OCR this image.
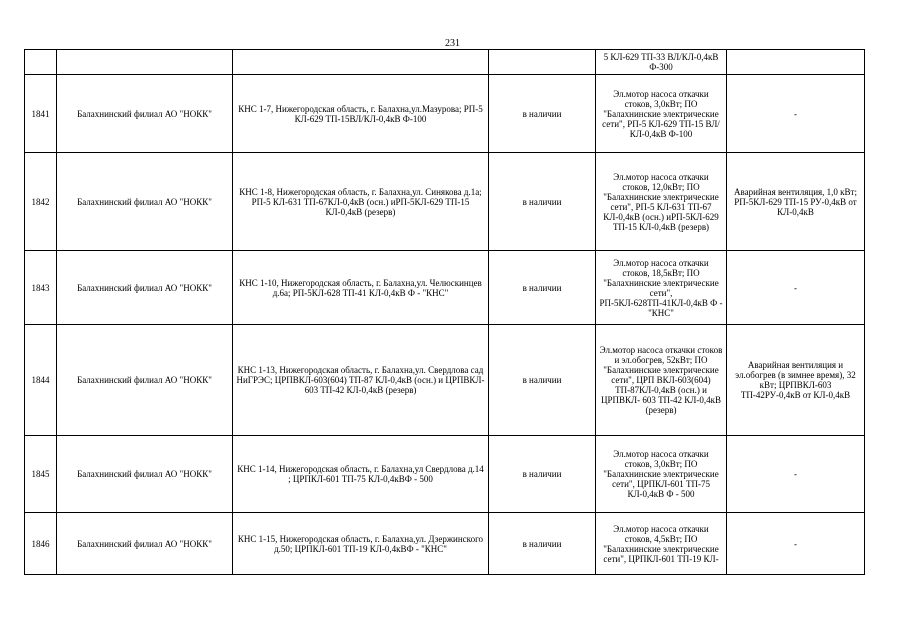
231
				5 КЛ-629 ТП-33 ВЛ/КЛ-0,4кВ Ф-300	
1841	Балахнинский филиал АО "НОКК"	КНС 1-7, Нижегородская область, г. Балахна,ул.Мазурова; РП-5 КЛ-629 ТП-15ВЛ/КЛ-0,4кВ Ф-100	в наличии	Эл.мотор насоса откачки стоков, 3,0кВт; ПО "Балахнинские электрические сети", РП-5 КЛ-629 ТП-15 ВЛ/КЛ-0,4кВ Ф-100	-
1842	Балахнинский филиал АО "НОКК"	КНС 1-8, Нижегородская область, г. Балахна,ул. Синякова д.1а; РП-5 КЛ-631 ТП-67КЛ-0,4кВ (осн.) иРП-5КЛ-629 ТП-15 КЛ-0,4кВ (резерв)	в наличии	Эл.мотор насоса откачки стоков, 12,0кВт; ПО "Балахнинские электрические сети", РП-5 КЛ-631 ТП-67 КЛ-0,4кВ (осн.) иРП-5КЛ-629 ТП-15 КЛ-0,4кВ (резерв)	Аварийная вентиляция, 1,0 кВт; РП-5КЛ-629 ТП-15 РУ-0,4кВ от КЛ-0,4кВ
1843	Балахнинский филиал АО "НОКК"	КНС 1-10, Нижегородская область, г. Балахна,ул. Челюскинцев д.6а; РП-5КЛ-628 ТП-41 КЛ-0,4кВ Ф - "КНС"	в наличии	Эл.мотор насоса откачки стоков, 18,5кВт; ПО "Балахнинские электрические сети", РП-5КЛ-628ТП-41КЛ-0,4кВ Ф -"КНС"	-
1844	Балахнинский филиал АО "НОКК"	КНС 1-13, Нижегородская область, г. Балахна,ул. Свердлова сад НиГРЭС; ЦРПВКЛ-603(604) ТП-87 КЛ-0,4кВ (осн.) и ЦРПВКЛ- 603 ТП-42 КЛ-0,4кВ (резерв)	в наличии	Эл.мотор насоса откачки стоков и эл.обогрев, 52кВт; ПО "Балахнинские электрические сети", ЦРП ВКЛ-603(604) ТП-87КЛ-0,4кВ (осн.) и ЦРПВКЛ- 603 ТП-42 КЛ-0,4кВ (резерв)	Аварийная вентиляция и эл.обогрев (в зимнее время), 32 кВт; ЦРПВКЛ-603 ТП-42РУ-0,4кВ от КЛ-0,4кВ
1845	Балахнинский филиал АО "НОКК"	КНС 1-14, Нижегородская область, г. Балахна,ул Свердлова д.14 ; ЦРПКЛ-601 ТП-75 КЛ-0,4кВФ - 500	в наличии	Эл.мотор насоса откачки стоков, 3,0кВт; ПО "Балахнинские электрические сети", ЦРПКЛ-601 ТП-75 КЛ-0,4кВ Ф - 500	-
1846	Балахнинский филиал АО "НОКК"	КНС 1-15, Нижегородская область, г. Балахна,ул. Дзержинского д.50; ЦРПКЛ-601 ТП-19 КЛ-0,4кВФ - "КНС"	в наличии	Эл.мотор насоса откачки стоков, 4,5кВт; ПО "Балахнинские электрические сети", ЦРПКЛ-601 ТП-19 КЛ-	-
